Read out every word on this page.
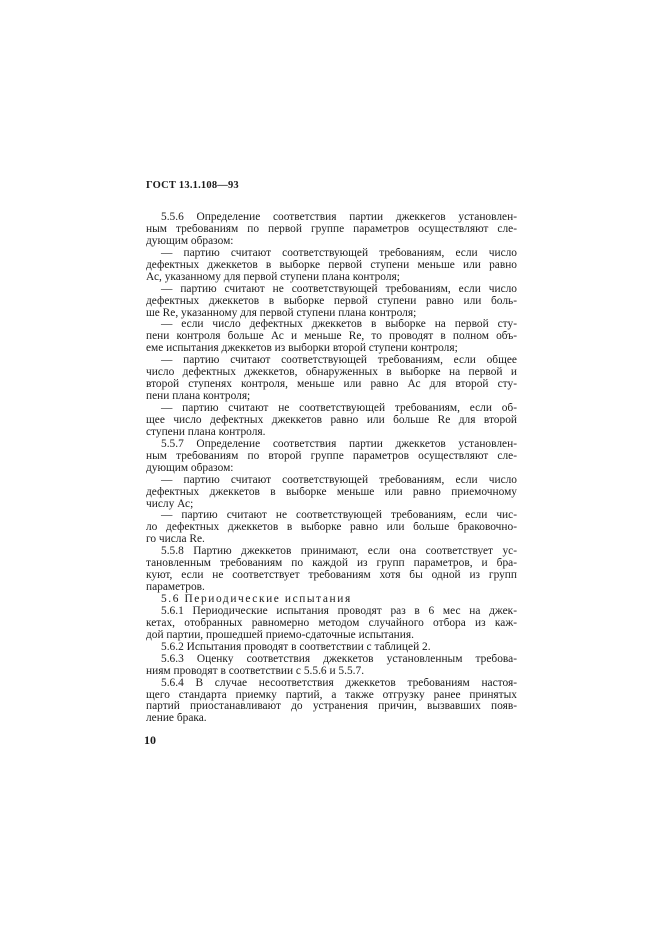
ГОСТ 13.1.108—93
5.5.6 Определение соответствия партии джеккегов установлен-
ным требованиям по первой группе параметров осуществляют сле-
дующим образом:
— партию считают соответствующей требованиям, если число
дефектных джеккетов в выборке первой ступени меньше или равно
Ас, указанному для первой ступени плана контроля;
— партию считают не соответствующей требованиям, если число
дефектных джеккетов в выборке первой ступени равно или боль-
ше Re, указанному для первой ступени плана контроля;
— если число дефектных джеккетов в выборке на первой сту-
пени контроля больше Ас и меньше Re, то проводят в полном объ-
еме испытания джеккетов из выборки второй ступени контроля;
— партию считают соответствующей требованиям, если общее
число дефектных джеккетов, обнаруженных в выборке на первой и
второй ступенях контроля, меньше или равно Ас для второй сту-
пени плана контроля;
— партию считают не соответствующей требованиям, если об-
щее число дефектных джеккетов равно или больше Re для второй
ступени плана контроля.
5.5.7 Определение соответствия партии джеккетов установлен-
ным требованиям по второй группе параметров осуществляют сле-
дующим образом:
— партию считают соответствующей требованиям, если число
дефектных джеккетов в выборке меньше или равно приемочному
числу Ас;
— партию считают не соответствующей требованиям, если чис-
ло дефектных джеккетов в выборке равно или больше браковочно-
го числа Re.
5.5.8 Партию джеккетов принимают, если она соответствует ус-
тановленным требованиям по каждой из групп параметров, и бра-
куют, если не соответствует требованиям хотя бы одной из групп
параметров.
5.6 Периодические испытания
5.6.1 Периодические испытания проводят раз в 6 мес на джек-
кетах, отобранных равномерно методом случайного отбора из каж-
дой партии, прошедшей приемо-сдаточные испытания.
5.6.2 Испытания проводят в соответствии с таблицей 2.
5.6.3 Оценку соответствия джеккетов установленным требова-
ниям проводят в соответствии с 5.5.6 и 5.5.7.
5.6.4 В случае несоответствия джеккетов требованиям настоя-
щего стандарта приемку партий, а также отгрузку ранее принятых
партий приостанавливают до устранения причин, вызвавших появ-
ление брака.
10
